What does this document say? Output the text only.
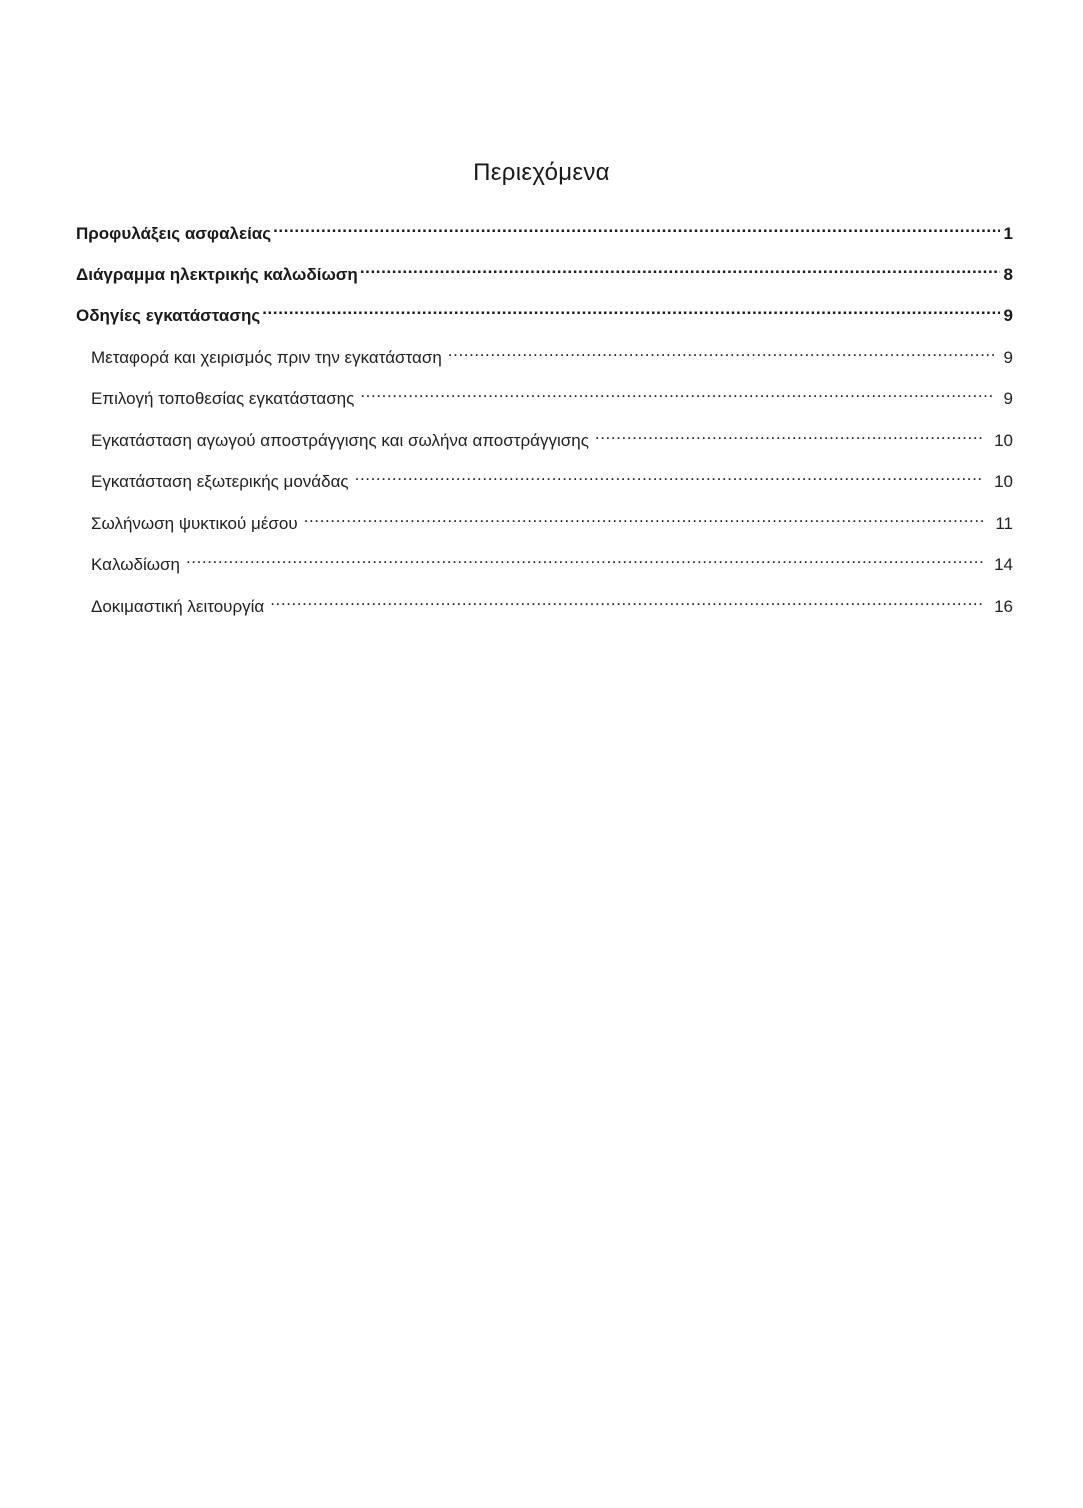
Περιεχόμενα
Προφυλάξεις ασφαλείας .....	1
Διάγραμμα ηλεκτρικής καλωδίωση .....	8
Οδηγίες εγκατάστασης .....	9
Μεταφορά και χειρισμός πριν την εγκατάσταση .....	9
Επιλογή τοποθεσίας εγκατάστασης .....	9
Εγκατάσταση αγωγού αποστράγγισης και σωλήνα αποστράγγισης .....	10
Εγκατάσταση εξωτερικής μονάδας .....	10
Σωλήνωση ψυκτικού μέσου .....	11
Καλωδίωση .....	14
Δοκιμαστική λειτουργία .....	16
